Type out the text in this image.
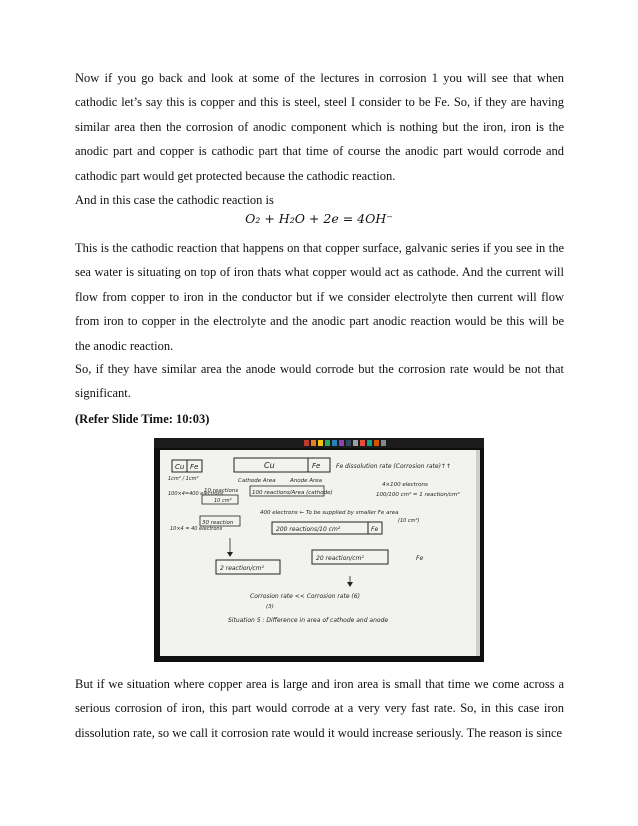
Now if you go back and look at some of the lectures in corrosion 1 you will see that when cathodic let’s say this is copper and this is steel, steel I consider to be Fe. So, if they are having similar area then the corrosion of anodic component which is nothing but the iron, iron is the anodic part and copper is cathodic part that time of course the anodic part would corrode and cathodic part would get protected because the cathodic reaction.

And in this case the cathodic reaction is

O₂ + H₂O + 2e = 4OH⁻

This is the cathodic reaction that happens on that copper surface, galvanic series if you see in the sea water is situating on top of iron thats what copper would act as cathode. And the current will flow from copper to iron in the conductor but if we consider electrolyte then current will flow from iron to copper in the electrolyte and the anodic part anodic reaction would be this will be the anodic reaction.

So, if they have similar area the anode would corrode but the corrosion rate would be not that significant.

(Refer Slide Time: 10:03)
Cu Fe
1cm² / 1cm²
Cu	Fe	Fe dissolution rate (Corrosion rate)↑↑
Cathode Area	Anode Area
100×4=400 electrons
10 reactions
10 cm²
100 reactions/Area (cathode)
4×100 electrons
100/100 cm² = 1 reaction/cm²
400 electrons ← To be supplied by smaller Fe area
(10 cm²)
30 reaction
10×4 = 40 electrons	200 reactions/10 cm²	Fe
2 reaction/cm²
20 reaction/cm²	Fe
Corrosion rate << Corrosion rate (6)
(3)
Situation 5 : Difference in area of cathode and anode

But if we situation where copper area is large and iron area is small that time we come across a serious corrosion of iron, this part would corrode at a very very fast rate. So, in this case iron dissolution rate, so we call it corrosion rate would it would increase seriously. The reason is since
